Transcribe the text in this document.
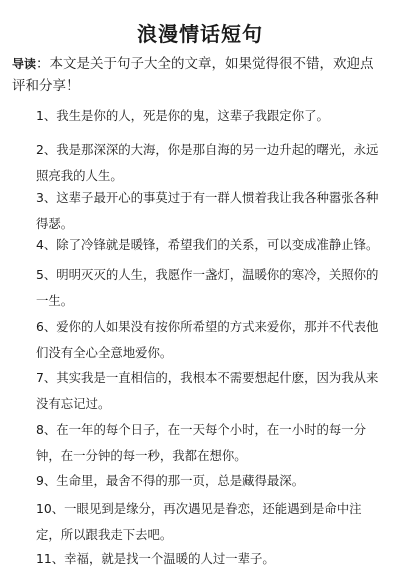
浪漫情话短句
导读：本文是关于句子大全的文章，如果觉得很不错，欢迎点评和分享！
1、我生是你的人，死是你的鬼，这辈子我跟定你了。
2、我是那深深的大海，你是那自海的另一边升起的曙光，永远照亮我的人生。
3、这辈子最开心的事莫过于有一群人惯着我让我各种嚣张各种得瑟。
4、除了冷锋就是暖锋，希望我们的关系，可以变成准静止锋。
5、明明灭灭的人生，我愿作一盏灯，温暖你的寒冷，关照你的一生。
6、爱你的人如果没有按你所希望的方式来爱你，那并不代表他们没有全心全意地爱你。
7、其实我是一直相信的，我根本不需要想起什麽，因为我从来没有忘记过。
8、在一年的每个日子，在一天每个小时，在一小时的每一分钟，在一分钟的每一秒，我都在想你。
9、生命里，最舍不得的那一页，总是藏得最深。
10、一眼见到是缘分，再次遇见是眷恋，还能遇到是命中注定，所以跟我走下去吧。
11、幸福，就是找一个温暖的人过一辈子。
